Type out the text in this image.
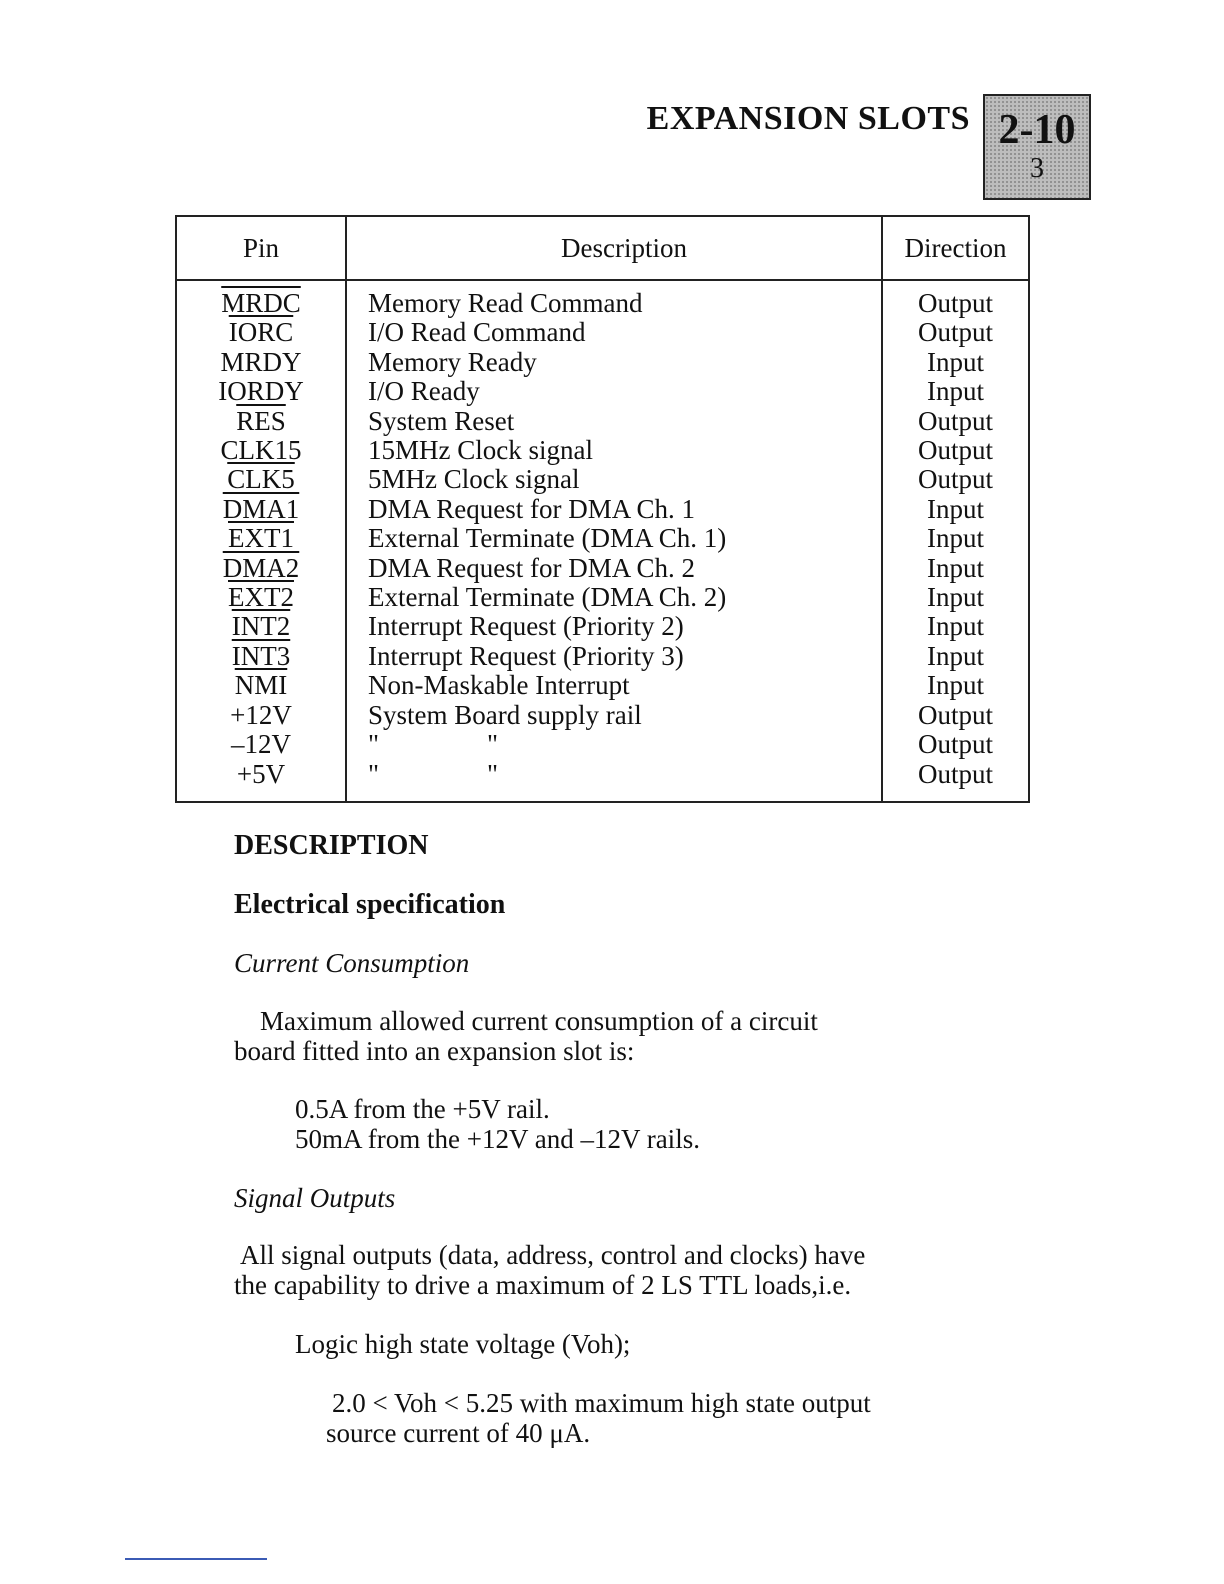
EXPANSION SLOTS 2-10
3
Pin	Description	Direction
MRDC	Memory Read Command	Output
IORC	I/O Read Command	Output
MRDY	Memory Ready	Input
IORDY	I/O Ready	Input
$\overline{RES}$	System Reset	Output
CLK15	15MHz Clock signal	Output
CLK5	5MHz Clock signal	Output
DMA1	DMA Request for DMA Ch. 1	Input
EXT1	External Terminate (DMA Ch. 1)	Input
DMA2	DMA Request for DMA Ch. 2	Input
EXT2	External Terminate (DMA Ch. 2)	Input
INT2	Interrupt Request (Priority 2)	Input
INT3	Interrupt Request (Priority 3)	Input
$\overline{NMI}$	Non-Maskable Interrupt	Input
+12V	System Board supply rail	Output
–12V	"                "	Output
+5V	"                "	Output
DESCRIPTION
Electrical specification
Current Consumption
Maximum allowed current consumption of a circuit
board fitted into an expansion slot is:
0.5A from the +5V rail.
50mA from the +12V and –12V rails.
Signal Outputs
All signal outputs (data, address, control and clocks) have
the capability to drive a maximum of 2 LS TTL loads,i.e.
Logic high state voltage (Voh);
2.0 < Voh < 5.25 with maximum high state output
source current of 40 μA.
